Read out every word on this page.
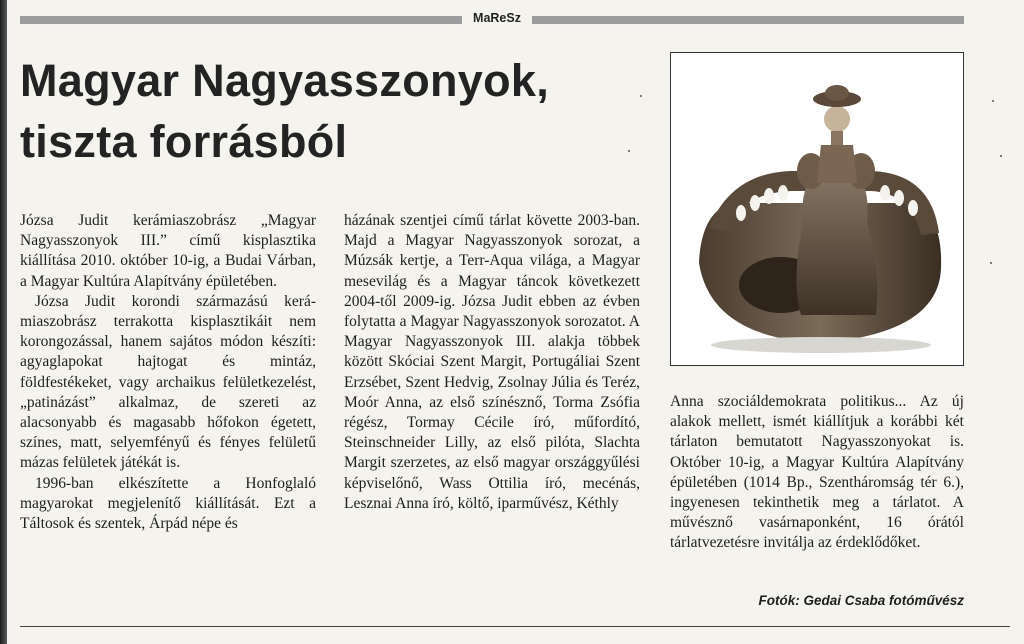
MaReSz
Magyar Nagyasszonyok,
tiszta forrásból

Józsa Judit kerámiaszobrász „Magyar Nagyasszonyok III.” című kisplasztika kiállítása 2010. október 10-ig, a Budai Várban, a Magyar Kultúra Alapítvány épületében.

Józsa Judit korondi származású kerámiaszobrász terrakotta kisplasztikáit nem korongozással, hanem sajátos módon készíti: agyaglapokat hajtogat és mintáz, földfestékeket, vagy archaikus felületkezelést, „patinázást” alkalmaz, de szereti az alacsonyabb és magasabb hőfokon égetett, színes, matt, selyemfényű és fényes felületű mázas felületek játékát is.

1996-ban elkészítette a Honfoglaló magyarokat megjelenítő kiállítását. Ezt a Táltosok és szentek, Árpád népe és

házának szentjei című tárlat követte 2003-ban. Majd a Magyar Nagyasszonyok sorozat, a Múzsák kertje, a Terr-Aqua világa, a Magyar mesevilág és a Magyar táncok következett 2004-től 2009-ig. Józsa Judit ebben az évben folytatta a Magyar Nagyasszonyok sorozatot. A Magyar Nagyasszonyok III. alakja többek között Skóciai Szent Margit, Portugáliai Szent Erzsébet, Szent Hedvig, Zsolnay Júlia és Teréz, Moór Anna, az első színésznő, Torma Zsófia régész, Tormay Cécile író, műfordító, Steinschneider Lilly, az első pilóta, Slachta Margit szerzetes, az első magyar országgyűlési képviselőnő, Wass Ottilia író, mecénás, Lesznai Anna író, költő, iparművész, Kéthly

Anna szociáldemokrata politikus... Az új alakok mellett, ismét kiállítjuk a korábbi két tárlaton bemutatott Nagyasszonyokat is. Október 10-ig, a Magyar Kultúra Alapítvány épületében (1014 Bp., Szentháromság tér 6.), ingyenesen tekinthetik meg a tárlatot. A művésznő vasárnaponként, 16 órától tárlatvezetésre invitálja az érdeklődőket.

Fotók: Gedai Csaba fotóművész
